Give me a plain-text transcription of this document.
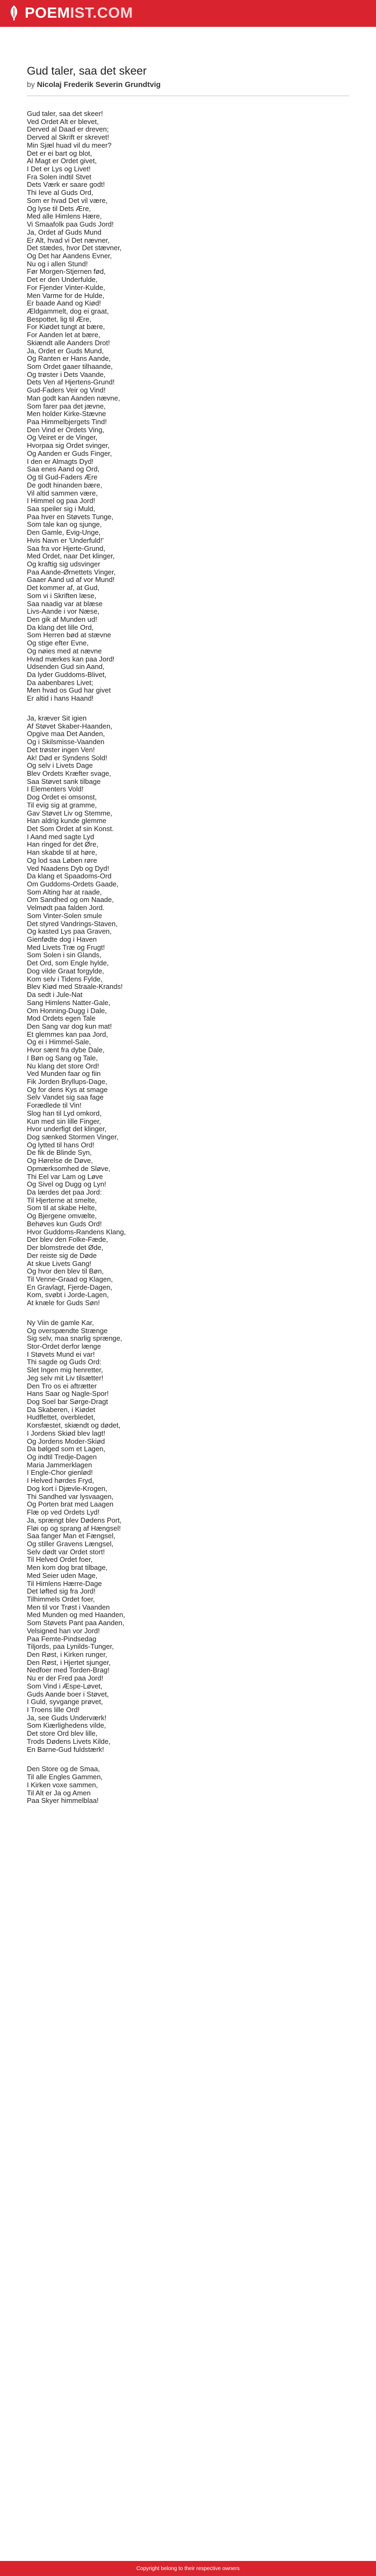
POEMIST.COM
Gud taler, saa det skeer
by Nicolaj Frederik Severin Grundtvig
Gud taler, saa det skeer!
Ved Ordet Alt er blevet,
Derved al Daad er dreven;
Derved al Skrift er skrevet!
Min Sjæl huad vil du meer?
Det er ei bart og blot,
Al Magt er Ordet givet,
I Det er Lys og Livet!
Fra Solen indtil Stvet
Dets Værk er saare godt!
Thi Ieve al Guds Ord,
Som er hvad Det vil være,
Og lyse til Dets Ære,
Med alle Himlens Hære,
Vi Smaafolk paa Guds Jord!
Ja, Ordet af Guds Mund
Er Alt, hvad vi Det nævner,
Det stædes, hvor Det stævner,
Og Det har Aandens Evner,
Nu og i allen Stund!
Før Morgen-Stjernen fød,
Det er den Underfulde,
For Fjender Vinter-Kulde,
Men Varme for de Hulde,
Er baade Aand og Kiød!
Ældgammelt, dog ei graat,
Bespottet, lig til Ære,
For Kiødet tungt at bære,
For Aanden let at bære,
Skiændt alle Aanders Drot!
Ja, Ordet er Guds Mund,
Og Ranten er Hans Aande,
Som Ordet gaaer tilhaande,
Og trøster i Dets Vaande,
Dets Ven af Hjertens-Grund!
Gud-Faders Veir og Vind!
Man godt kan Aanden nævne,
Som farer paa det jævne,
Men holder Kirke-Stævne
Paa Himmelbjergets Tind!
Den Vind er Ordets Ving,
Og Veiret er de Vinger,
Hvorpaa sig Ordet svinger,
Og Aanden er Guds Finger,
I den er Almagts Dyd!
Saa enes Aand og Ord,
Og til Gud-Faders Ære
De godt hinanden bære,
Vil altid sammen være,
I Himmel og paa Jord!
Saa speiler sig i Muld,
Paa hver en Støvets Tunge,
Som tale kan og sjunge,
Den Gamle, Evig-Unge,
Hvis Navn er 'Underfuld!'
Saa fra vor Hjerte-Grund,
Med Ordet, naar Det klinger,
Og kraftig sig udsvinger
Paa Aande-Ørnettets Vinger,
Gaaer Aand ud af vor Mund!
Det kommer af, at Gud,
Som vi i Skriften læse,
Saa naadig var at blæse
Livs-Aande i vor Næse,
Den gik af Munden ud!
Da klang det lille Ord,
Som Herren bød at stævne
Og stige efter Evne,
Og nøies med at nævne
Hvad mærkes kan paa Jord!
Udsenden Gud sin Aand,
Da lyder Guddoms-Blivet,
Da aabenbares Livet;
Men hvad os Gud har givet
Er altid i hans Haand!
Ja, kræver Sit igien
Af Støvet Skaber-Haanden,
Opgive maa Det Aanden,
Og i Skilsmisse-Vaanden
Det trøster ingen Ven!
Ak! Død er Syndens Sold!
Og selv i Livets Dage
Blev Ordets Kræfter svage,
Saa Støvet sank tilbage
I Elementers Vold!
Dog Ordet ei omsonst,
Til evig sig at gramme,
Gav Støvet Liv og Stemme,
Han aldrig kunde glemme
Det Som Ordet af sin Konst.
I Aand med sagte Lyd
Han ringed for det Øre,
Han skabde til at høre,
Og lod saa Løben røre
Ved Naadens Dyb og Dyd!
Da klang et Spaadoms-Ord
Om Guddoms-Ordets Gaade,
Som Alting har at raade,
Om Sandhed og om Naade,
Velmødt paa falden Jord.
Som Vinter-Solen smule
Det styred Vandrings-Staven,
Og kasted Lys paa Graven,
Gienfødte dog i Haven
Med Livets Træ og Frugt!
Som Solen i sin Glands,
Det Ord, som Engle hylde,
Dog vilde Graat forgylde,
Kom selv i Tidens Fylde,
Blev Kiød med Straale-Krands!
Da sedt i Jule-Nat
Sang Himlens Natter-Gale,
Om Honning-Dugg i Dale,
Mod Ordets egen Tale
Den Sang var dog kun mat!
Et glemmes kan paa Jord,
Og ei i Himmel-Sale,
Hvor sænt fra dybe Dale,
I Bøn og Sang og Tale,
Nu klang det store Ord!
Ved Munden faar og fiin
Fik Jorden Bryllups-Dage,
Og for dens Kys at smage
Selv Vandet sig saa fage
Forædlede til Vin!
Slog han til Lyd omkord,
Kun med sin lille Finger,
Hvor underfigt det klinger,
Dog sænked Stormen Vinger,
Og lytted til hans Ord!
De fik de Blinde Syn,
Og Hørelse de Døve,
Opmærksomhed de Sløve,
Thi Eel var Lam og Løve
Og Sivel og Dugg og Lyn!
Da lærdes det paa Jord:
Til Hjerterne at smelte,
Som til at skabe Helte,
Og Bjergene omvælte,
Behøves kun Guds Ord!
Hvor Guddoms-Randens Klang,
Der blev den Folke-Fæde,
Der blomstrede det Øde,
Der reiste sig de Døde
At skue Livets Gang!
Og hvor den blev til Bøn,
Til Venne-Graad og Klagen,
En Gravlagt, Fjerde-Dagen,
Kom, svøbt i Jorde-Lagen,
At knæle for Guds Søn!
Ny Viin de gamle Kar,
Og overspændte Strænge
Sig selv, maa snarlig sprænge,
Stor-Ordet derfor længe
I Støvets Mund ei var!
Thi sagde og Guds Ord:
Slet Ingen mig henretter,
Jeg selv mit Liv tilsætter!
Den Tro os ei aftrætter
Hans Saar og Nagle-Spor!
Dog Soel bar Sørge-Dragt
Da Skaberen, i Kiødet
Hudflettet, overbledet,
Korsfæstet, skiændt og dødet,
I Jordens Skiød blev lagt!
Og Jordens Moder-Skiød
Da bølged som et Lagen,
Og indtil Tredje-Dagen
Maria Jammerklagen
I Engle-Chor gienlød!
I Helved hørdes Fryd,
Dog kort i Djævle-Krogen,
Thi Sandhed var lysvaagen,
Og Porten brat med Laagen
Flæ op ved Ordets Lyd!
Ja, sprængt blev Dødens Port,
Fløi op og sprang af Hængsel!
Saa fanger Man et Fængsel,
Og stiller Gravens Længsel,
Selv dødt var Ordet stort!
Til Helved Ordet foer,
Men kom dog brat tilbage,
Med Seier uden Mage,
Til Himlens Hærre-Dage
Det løfted sig fra Jord!
Tilhimmels Ordet foer,
Men til vor Trøst i Vaanden
Med Munden og med Haanden,
Som Støvets Pant paa Aanden,
Velsigned han vor Jord!
Paa Femte-Pindsedag
Tiljords, paa Lynilds-Tunger,
Den Røst, i Kirken runger,
Den Røst, i Hjertet sjunger,
Nedfoer med Torden-Brag!
Nu er der Fred paa Jord!
Som Vind i Æspe-Løvet,
Guds Aande boer i Støvet,
I Guld, syvgange prøvet,
I Troens lille Ord!
Ja, see Guds Underværk!
Som Kiærlighedens vilde,
Det store Ord blev lille,
Trods Dødens Livets Kilde,
En Barne-Gud fuldstærk!
Den Store og de Smaa,
Til alle Engles Gammen,
I Kirken voxe sammen,
Til Alt er Ja og Amen
Paa Skyer himmelblaa!
Copyright belong to their respective owners
